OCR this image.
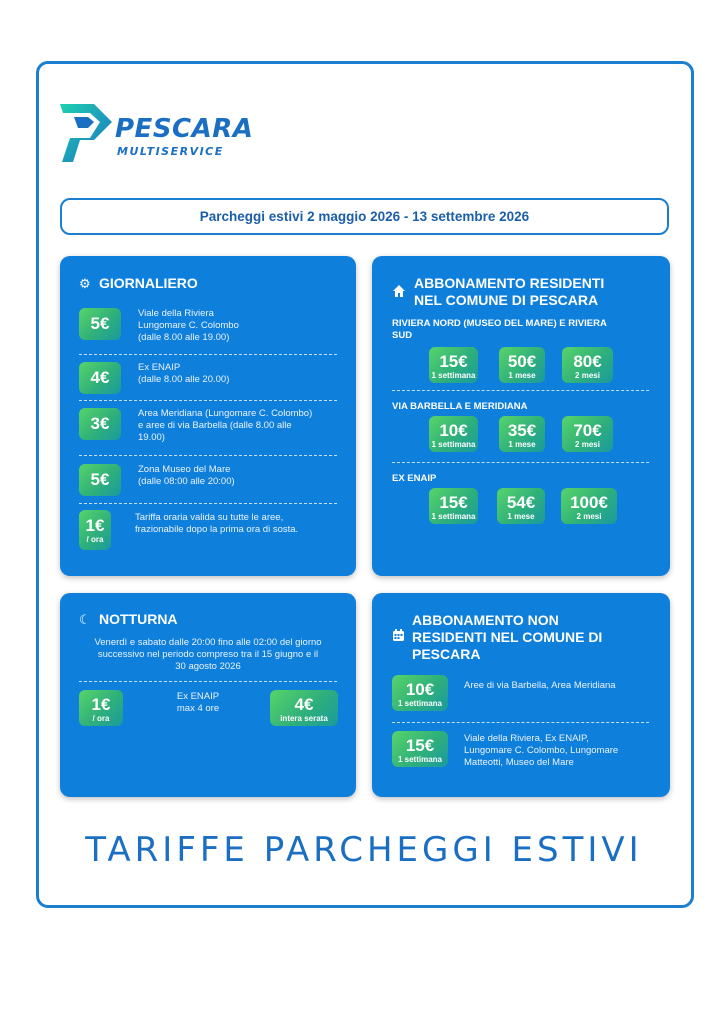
PESCARA
MULTISERVICE
Parcheggi estivi 2 maggio 2026 - 13 settembre 2026
⚙ GIORNALIERO
5€
Viale della Riviera
Lungomare C. Colombo
(dalle 8.00 alle 19.00)
4€
Ex ENAIP
(dalle 8.00 alle 20.00)
3€
Area Meridiana (Lungomare C. Colombo)
e aree di via Barbella (dalle 8.00 alle
19.00)
5€
Zona Museo del Mare
(dalle 08:00 alle 20:00)
1€
/ ora
Tariffa oraria valida su tutte le aree,
frazionabile dopo la prima ora di sosta.
ABBONAMENTO RESIDENTI
NEL COMUNE DI PESCARA
RIVIERA NORD (MUSEO DEL MARE) E RIVIERA
SUD
15€
1 settimana
50€
1 mese
80€
2 mesi
VIA BARBELLA E MERIDIANA
10€
1 settimana
35€
1 mese
70€
2 mesi
EX ENAIP
15€
1 settimana
54€
1 mese
100€
2 mesi
☾ NOTTURNA
Venerdì e sabato dalle 20:00 fino alle 02:00 del giorno
successivo nel periodo compreso tra il 15 giugno e il
30 agosto 2026
1€
/ ora
Ex ENAIP
max 4 ore	4€
intera serata
ABBONAMENTO NON
RESIDENTI NEL COMUNE DI
PESCARA
10€
1 settimana
Aree di via Barbella, Area Meridiana
15€
1 settimana
Viale della Riviera, Ex ENAIP,
Lungomare C. Colombo, Lungomare
Matteotti, Museo del Mare
TARIFFE PARCHEGGI ESTIVI
